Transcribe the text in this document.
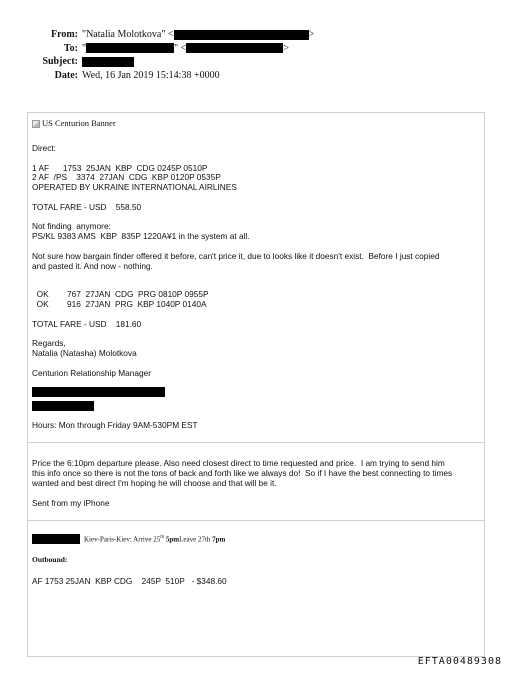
From: "Natalia Molotkova" <	>
To: "	" <	>
Subject:
Date: Wed, 16 Jan 2019 15:14:38 +0000
US Centurion Banner
Direct:
1 AF      1753  25JAN  KBP  CDG 0245P 0510P
2 AF  /PS    3374  27JAN  CDG  KBP 0120P 0535P
OPERATED BY UKRAINE INTERNATIONAL AIRLINES
TOTAL FARE - USD    558.50
Not finding  anymore:
PS/KL 9383 AMS  KBP  835P 1220A¥1 in the system at all.
Not sure how bargain finder offered it before, can't price it, due to looks like it doesn't exist.  Before I just copied
and pasted it. And now - nothing.
OK        767  27JAN  CDG  PRG 0810P 0955P
OK        916  27JAN  PRG  KBP 1040P 0140A
TOTAL FARE - USD    181.60
Regards,
Natalia (Natasha) Molotkova
Centurion Relationship Manager
Hours: Mon through Friday 9AM-530PM EST
Price the 6:10pm departure please. Also need closest direct to time requested and price.  I am trying to send him
this info once so there is not the tons of back and forth like we always do!  So if I have the best connecting to times
wanted and best direct I'm hoping he will choose and that will be it.
Sent from my iPhone
Kiev-Paris-Kiev: Arrive 25th 5pmLeave 27th 7pm
Outbound:
AF 1753 25JAN  KBP CDG    245P  510P   - $348.60
EFTA00489308
